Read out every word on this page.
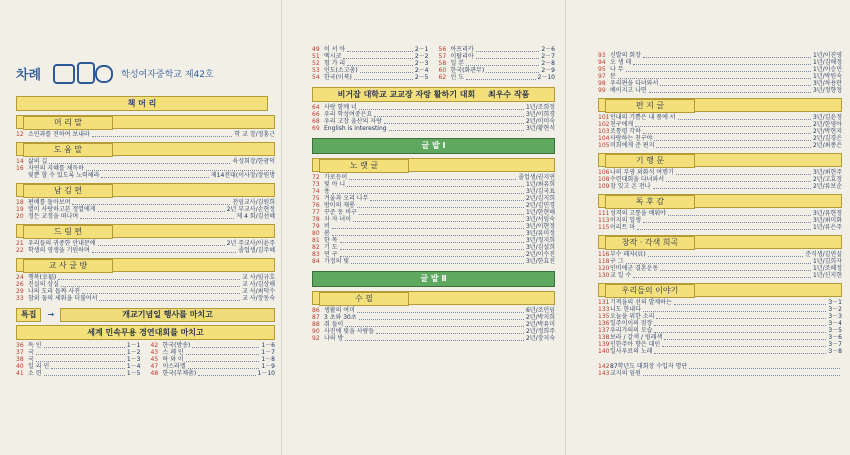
차례	학성여자중학교 제42호
책 머 리
머 리 말
12 소인과를 전하여 보내라	학 교 장/정홍근
도 움 말
14 삶의 길	육성회장/한광덕
16 자연의 지혜를 체득하
빛뿐 할 수 있도록 노력해라	제14전대(이사장/장원명
남 김 편
18 편배를 돌아보며	전임교사/김원희
19 별이 사랑하고픈 정열에게	2년 부교사/손현정
20 정든 교정을 떠나며	제 4 회/김선혜
드 림 편
21 우리들의 귀중한 안내문에	2년 주교사/이윤주
22 학생의 영생을 기원하며	졸업생/김주혜
교 사 글 방
24 행복(幸福)	교 사/임규호
26 진실의 상실	교 사/김상해
29 나의 도리 돕짜 사진	교 사/최덕수
33 참외 둘의 세워을 더불어서	교 사/장동숙
특집	→	개교기념일 행사를 마치고
세계 민속무용 경연대회를 마치고
36 독 인	1－1
37 국	1－2
38 국	1－3
40 일 리 인	1－4
41 소 련	1－5
42 한국(방송)	1－6
43 스 페 인	1－7
45 하 와 이	1－8
47 이스라엘	1－9
48 한국(부채춤)	1－10
49 이 서 아	2－1
51 멕시코	2－2
52 헝 가 리	2－3
53 인도(소고춤)	2－4
54 한국(이북)	2－5
56 아프리카	2－6
57 이탈리아	2－7
58 일 본	2－8
60 한국(화관무)	2－9
62 인 도	2－10
비거잡 대학교 교교장 자랑 활하기 대회 최우수 작품
64 사랑 함께 너	1년/조희정
66 우리 학성여중은요	3년/이희경
68 우리 고장 울산의 자랑	2년/이미숙
69 English is interesting	3년/황현석
글 밭 Ⅰ
노 랫 글
72 가로등이	졸업생/권지연
73 빛 아 니	1년/최유희
74 용	3년/김국표
75 겨울과 오리 나무	2년/김지희
76 밤이의 재롱	2년/김민경
77 꾸준 동 비구	1년/한현해
78 자 자 녀이	3년/서임숙
79 비	3년/이현정
80 봄	3년/유미정
81 한 목	3년/정지희
82 기 도	3년/김설희
83 연 구	2년/이수진
84 가정의 빛	3년/한효진
글 밭 Ⅱ
수 필
86 생활의 여미	6년/조민임
87 3 초와 30초	2년/박지희
88 쥐 들이	2년/박유미
90 사진에 빛을 사람들	2년/정희주
92 나의 방	2년/장지숙
93 신발의 회장	1년/이진영
94 오 생 데	1년/김해정
95 나 무	1년/이승민
97 문	1년/박원숙
98 우리편을 다녀와서	3년/차용란
99 배이지고 나면	3년/정향정
편 지 글
101 인내의 기쁨은 내 품에 서	3년/김윤정
102 친구에게	2년/한영아
103 조통령 각하	2년/박현지
104 사랑하는 친구야	2년/김경은
105 미희에게 준 편지	2년/최종은
기 행 문
106 나의 부영 외화석 여행기	3년/최현주
108 수련대회을 다녀와서	2년/고효정
109 잠 잊고 온 전나	2년/류보순
독 후 감
111 성격의 고통을 배워야	3년/유현정
113 이지의 일생	3년/최미화
115 이리트 마	1년/류은주
창작 · 각색 희곡
116 부수 패자(貝)	준식생/김연실
118 구 그	1년/김희자
120 인비에군 결혼운동	1년/조혜정
130 교 일 수	1년/신지현
우리들의 이야기
131 기적을의 선의 발재하는	3－1
133 니도 한내다	3－2
135 오늘을 위한 소리	3－3
136 일주이이의 잠장	3－4
137 우리가의의 모습	3－5
138 보라 / 갈색 / 빙래색	3－6
139 인한주아 향은 대인	3－7
140 일사우료의 노래	3－8
142 87학년도 대회장 수입자 명단
143 교지의 임원
